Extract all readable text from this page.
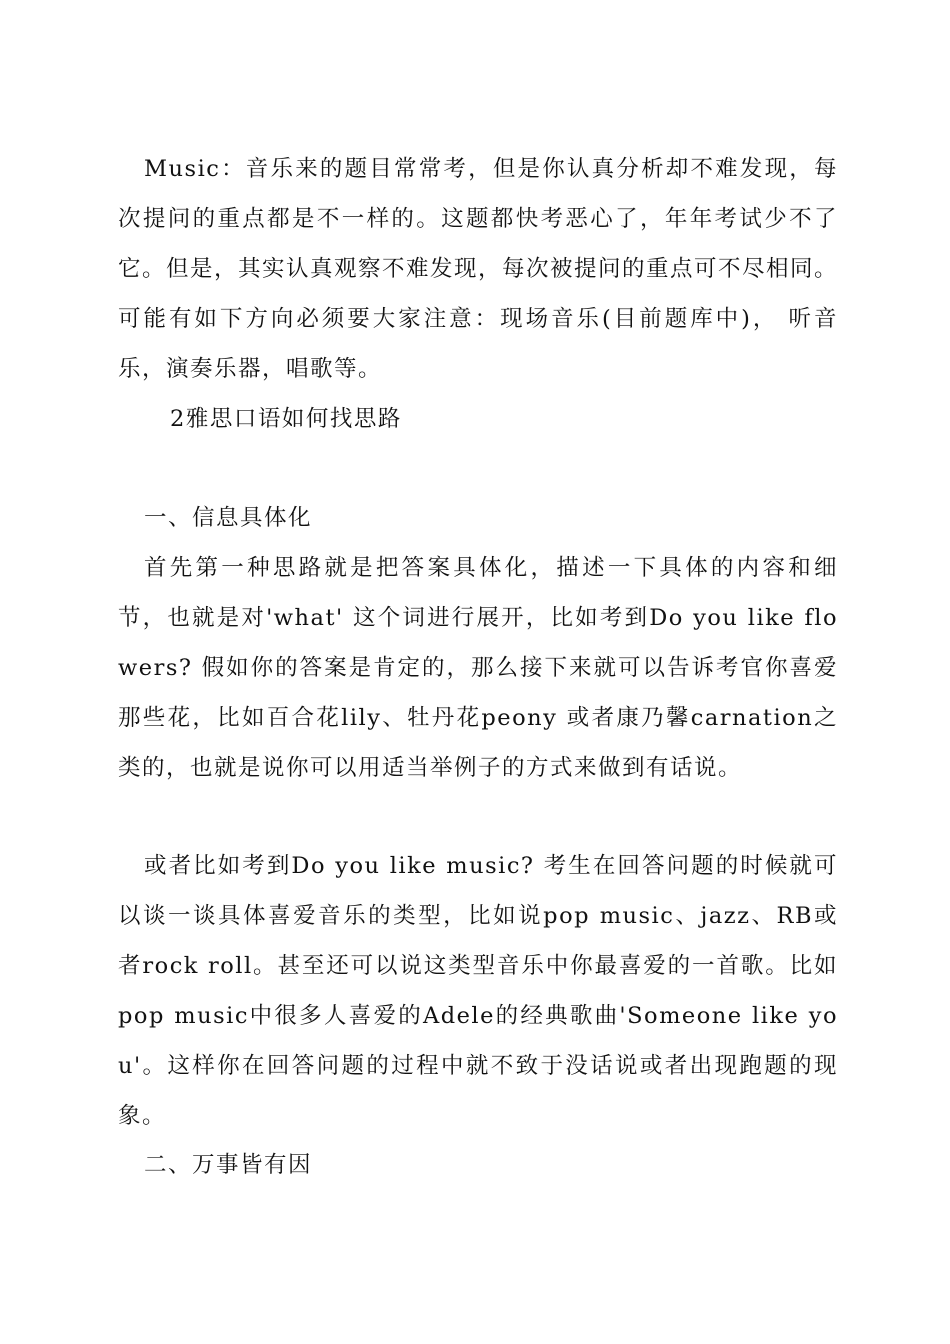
Music：音乐来的题目常常考，但是你认真分析却不难发现，每次提问的重点都是不一样的。这题都快考恶心了，年年考试少不了它。但是，其实认真观察不难发现，每次被提问的重点可不尽相同。可能有如下方向必须要大家注意：现场音乐(目前题库中)， 听音乐，演奏乐器，唱歌等。

2雅思口语如何找思路

一、信息具体化

首先第一种思路就是把答案具体化，描述一下具体的内容和细节，也就是对'what' 这个词进行展开，比如考到Do you like flowers? 假如你的答案是肯定的，那么接下来就可以告诉考官你喜爱那些花，比如百合花lily、牡丹花peony 或者康乃馨carnation之类的，也就是说你可以用适当举例子的方式来做到有话说。

或者比如考到Do you like music? 考生在回答问题的时候就可以谈一谈具体喜爱音乐的类型，比如说pop music、jazz、RB或者rock roll。甚至还可以说这类型音乐中你最喜爱的一首歌。比如pop music中很多人喜爱的Adele的经典歌曲'Someone like you'。这样你在回答问题的过程中就不致于没话说或者出现跑题的现象。

二、万事皆有因
